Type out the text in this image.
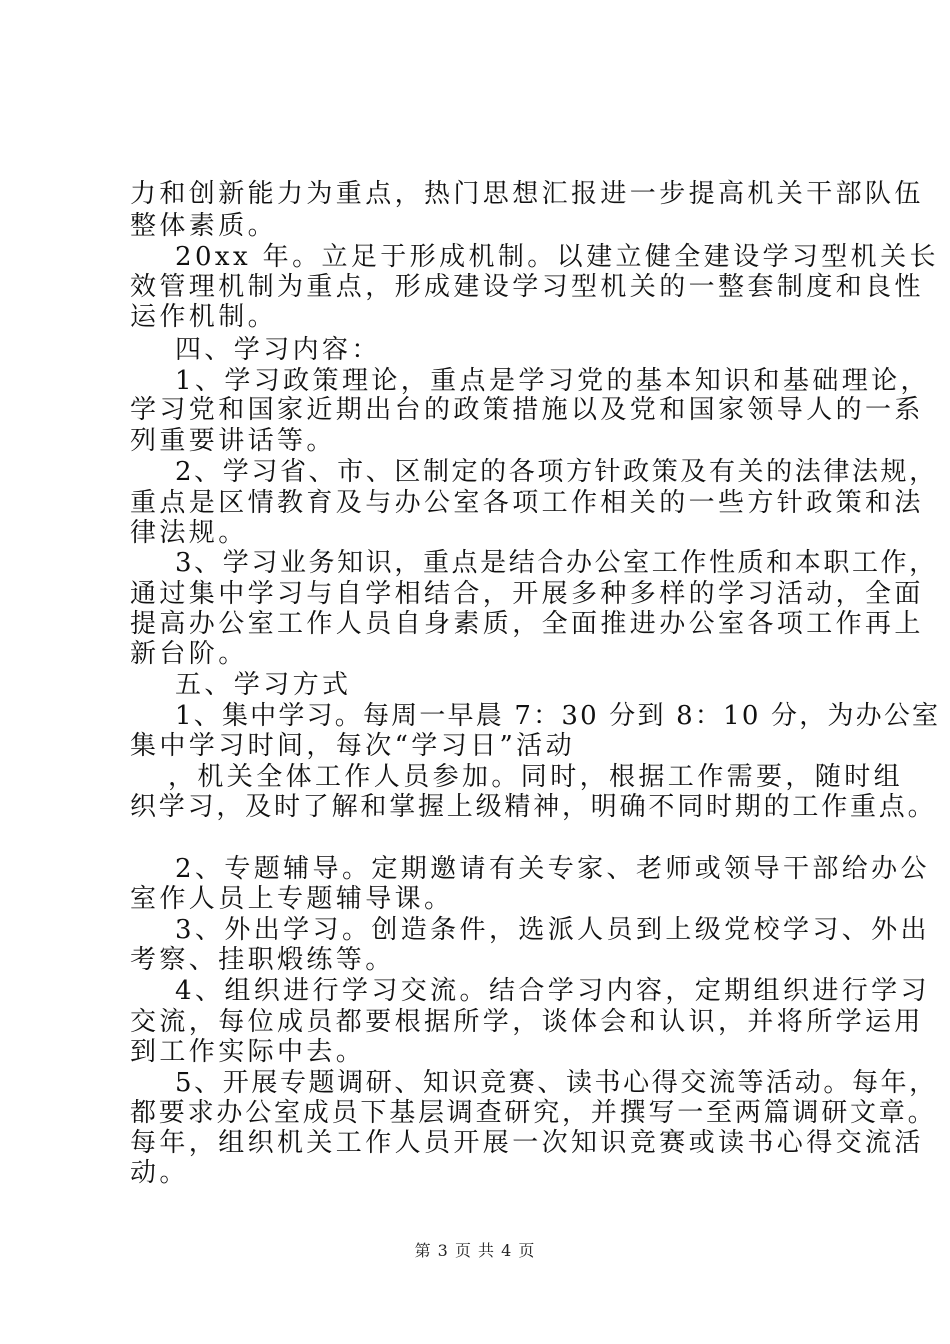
力和创新能力为重点，热门思想汇报进一步提高机关干部队伍
整体素质。
20xx 年。立足于形成机制。以建立健全建设学习型机关长
效管理机制为重点，形成建设学习型机关的一整套制度和良性
运作机制。
四、学习内容：
1、学习政策理论，重点是学习党的基本知识和基础理论，
学习党和国家近期出台的政策措施以及党和国家领导人的一系
列重要讲话等。
2、学习省、市、区制定的各项方针政策及有关的法律法规，
重点是区情教育及与办公室各项工作相关的一些方针政策和法
律法规。
3、学习业务知识，重点是结合办公室工作性质和本职工作，
通过集中学习与自学相结合，开展多种多样的学习活动，全面
提高办公室工作人员自身素质，全面推进办公室各项工作再上
新台阶。
五、学习方式
1、集中学习。每周一早晨 7：30 分到 8：10 分，为办公室
集中学习时间，每次“学习日”活动
，机关全体工作人员参加。同时，根据工作需要，随时组
织学习，及时了解和掌握上级精神，明确不同时期的工作重点。
2、专题辅导。定期邀请有关专家、老师或领导干部给办公
室作人员上专题辅导课。
3、外出学习。创造条件，选派人员到上级党校学习、外出
考察、挂职煅练等。
4、组织进行学习交流。结合学习内容，定期组织进行学习
交流，每位成员都要根据所学，谈体会和认识，并将所学运用
到工作实际中去。
5、开展专题调研、知识竞赛、读书心得交流等活动。每年，
都要求办公室成员下基层调查研究，并撰写一至两篇调研文章。
每年，组织机关工作人员开展一次知识竞赛或读书心得交流活
动。
第 3 页 共 4 页
